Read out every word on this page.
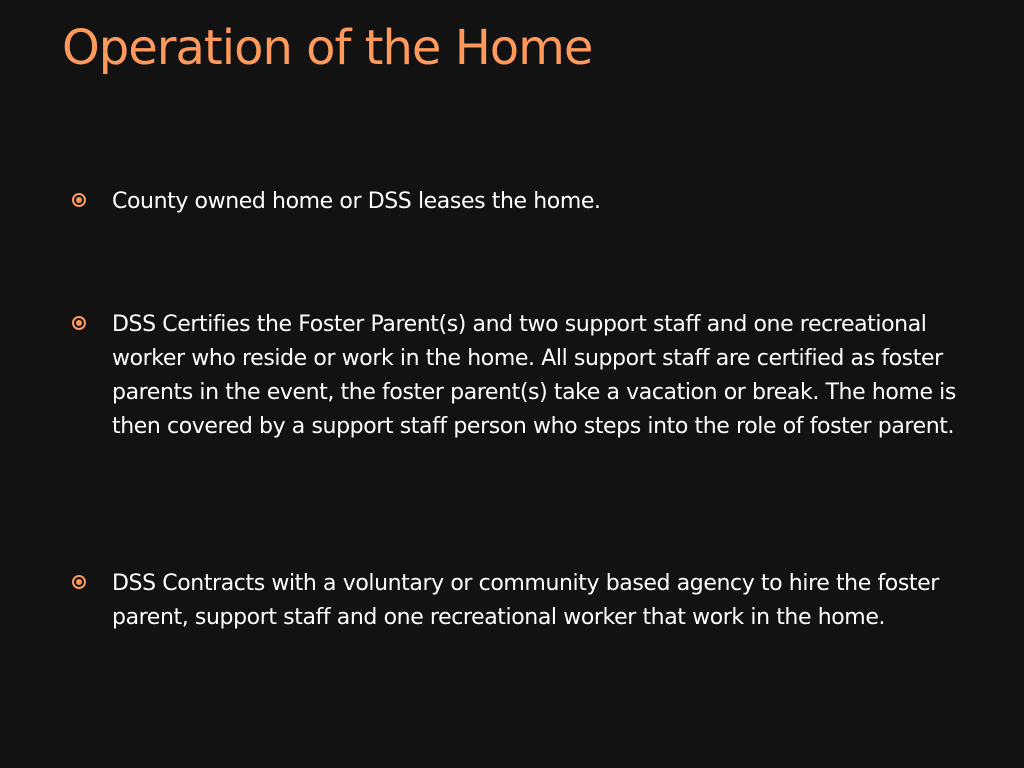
Operation of the Home
County owned home or DSS leases the home.
DSS Certifies the Foster Parent(s) and two support staff and one recreational worker who reside or work in the home. All support staff are certified as foster parents in the event, the foster parent(s) take a vacation or break. The home is then covered by a support staff person who steps into the role of foster parent.
DSS Contracts with a voluntary or community based agency to hire the foster parent, support staff and one recreational worker that work in the home.
